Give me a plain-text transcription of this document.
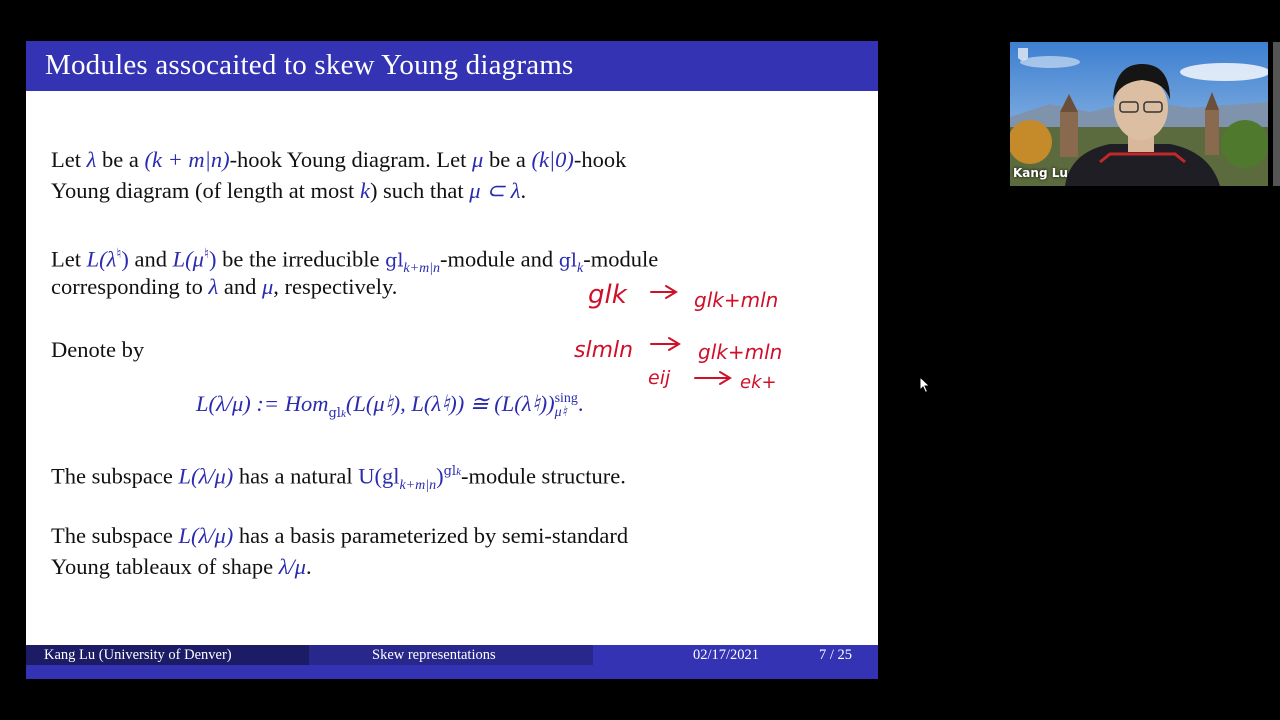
Modules assocaited to skew Young diagrams
Let λ be a (k + m|n)-hook Young diagram. Let μ be a (k|0)-hook
Young diagram (of length at most k) such that μ ⊂ λ.
Let L(λ♮) and L(μ♮) be the irreducible $gl_{k+m|n}$-module and $gl_k$-module
corresponding to λ and μ, respectively.
Denote by
L(λ/μ) := Hom$_{glk}$(L(μ♮), L(λ♮)) ≅ (L(λ♮)) sing
μ♮ .
The subspace L(λ/μ) has a natural $U(gl_{k+m|n})^{glk}$-module structure.
The subspace L(λ/μ) has a basis parameterized by semi-standard
Young tableaux of shape λ/μ.
glk	glk+mln
slmln	glk+mln
eij	ek+
Kang Lu (University of Denver)	Skew representations	02/17/2021	7 / 25
Kang Lu
